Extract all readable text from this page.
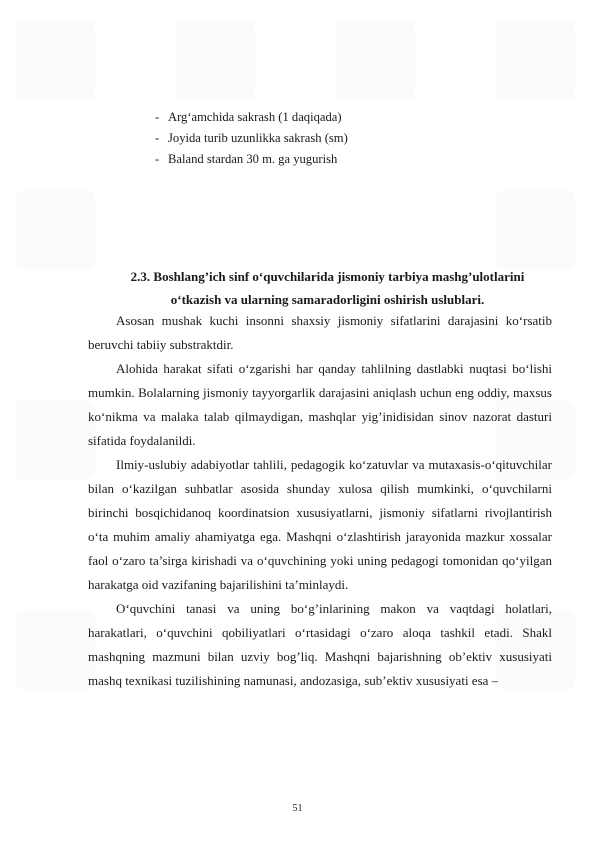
- Arg‘amchida sakrash (1 daqiqada)
- Joyida turib uzunlikka sakrash (sm)
- Baland stardan 30 m. ga yugurish
2.3. Boshlang’ich sinf o‘quvchilarida jismoniy tarbiya mashg’ulotlarini
o‘tkazish va ularning samaradorligini oshirish uslublari.

Asosan mushak kuchi insonni shaxsiy jismoniy sifatlarini darajasini ko‘rsatib beruvchi tabiiy substraktdir.

Alohida harakat sifati o‘zgarishi har qanday tahlilning dastlabki nuqtasi bo‘lishi mumkin. Bolalarning jismoniy tayyorgarlik darajasini aniqlash uchun eng oddiy, maxsus ko‘nikma va malaka talab qilmaydigan, mashqlar yig’inidisidan sinov nazorat dasturi sifatida foydalanildi.

Ilmiy-uslubiy adabiyotlar tahlili, pedagogik ko‘zatuvlar va mutaxasis-o‘qituvchilar bilan o‘kazilgan suhbatlar asosida shunday xulosa qilish mumkinki, o‘quvchilarni birinchi bosqichidanoq koordinatsion xususiyatlarni, jismoniy sifatlarni rivojlantirish o‘ta muhim amaliy ahamiyatga ega. Mashqni o‘zlashtirish jarayonida mazkur xossalar faol o‘zaro ta’sirga kirishadi va o‘quvchining yoki uning pedagogi tomonidan qo‘yilgan harakatga oid vazifaning bajarilishini ta’minlaydi.

O‘quvchini tanasi va uning bo‘g’inlarining makon va vaqtdagi holatlari, harakatlari, o‘quvchini qobiliyatlari o‘rtasidagi o‘zaro aloqa tashkil etadi. Shakl mashqning mazmuni bilan uzviy bog’liq. Mashqni bajarishning ob’ektiv xususiyati mashq texnikasi tuzilishining namunasi, andozasiga, sub’ektiv xususiyati esa –

51
